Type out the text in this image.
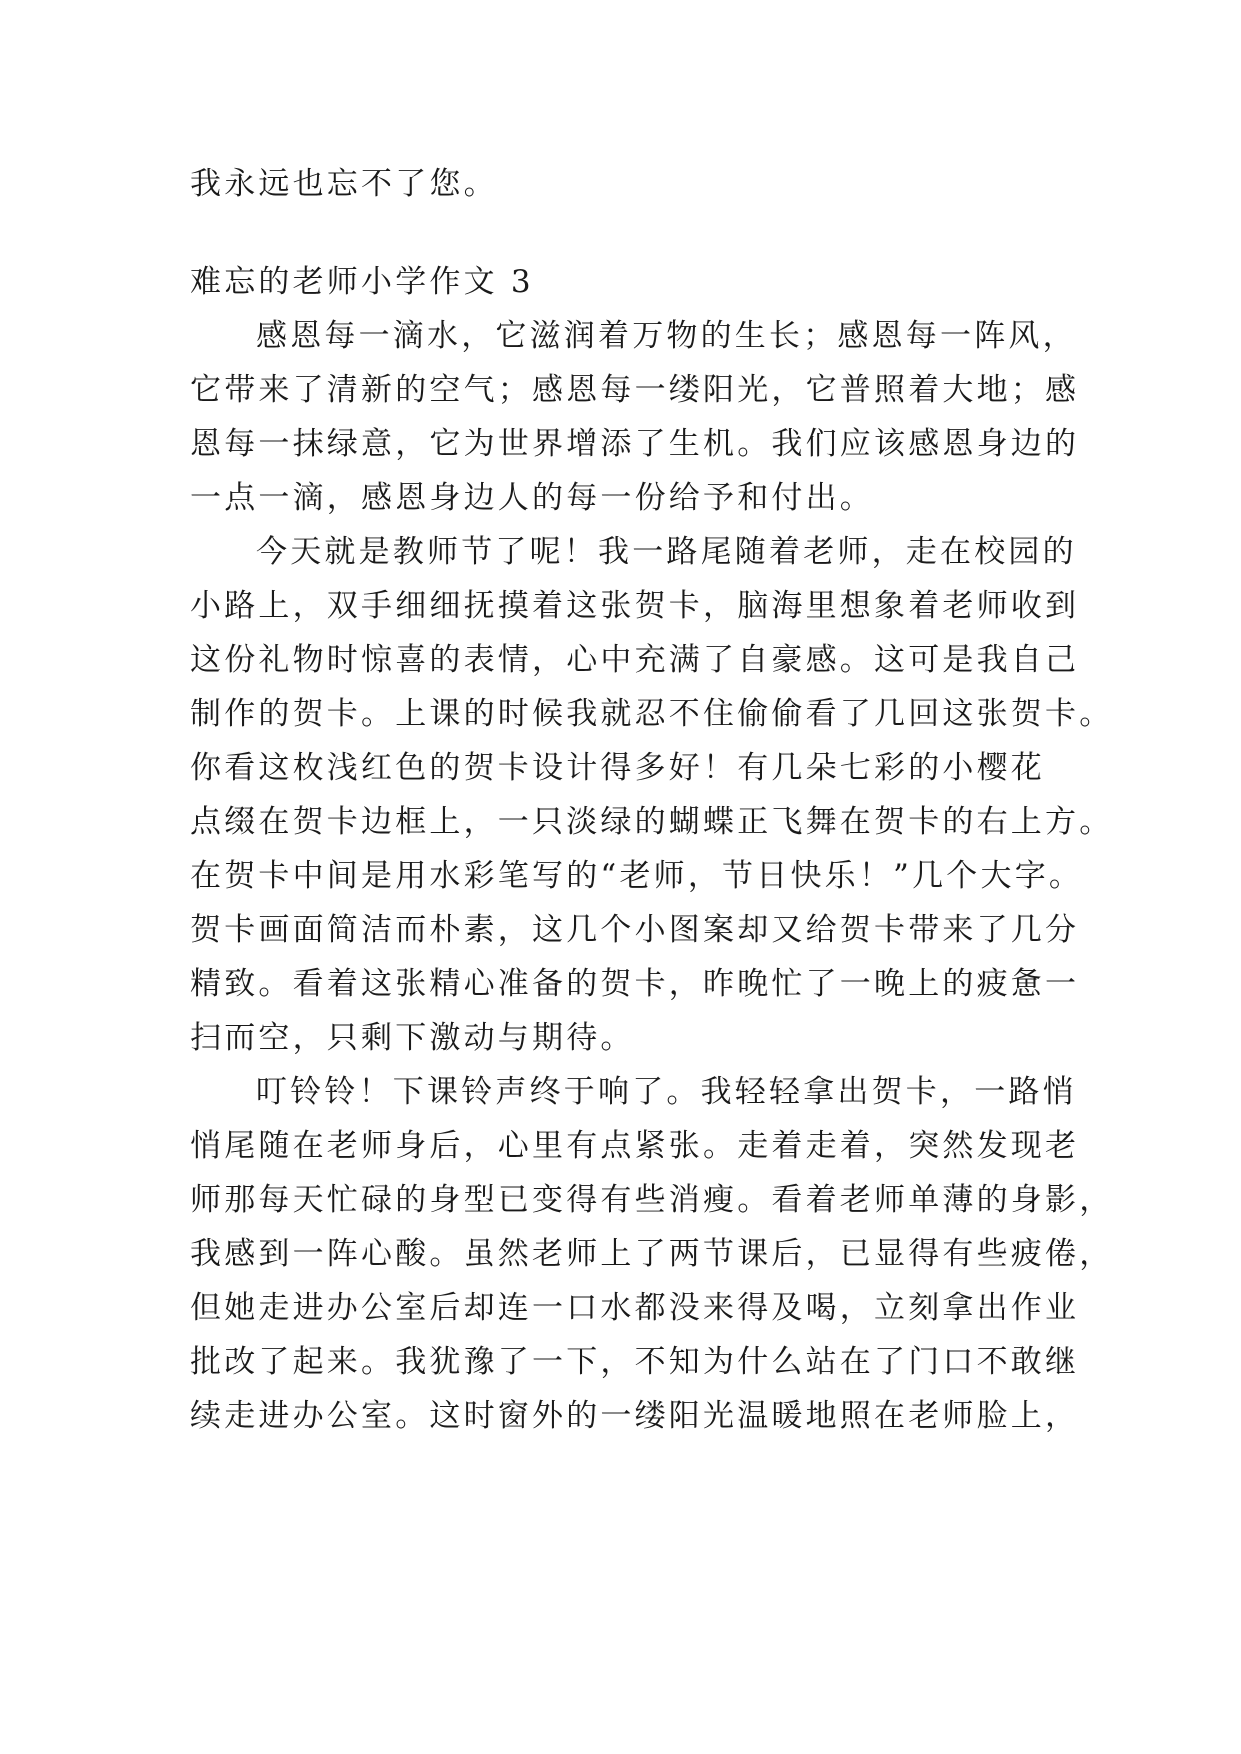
我永远也忘不了您。
难忘的老师小学作文 3
感恩每一滴水，它滋润着万物的生长；感恩每一阵风，
它带来了清新的空气；感恩每一缕阳光，它普照着大地；感
恩每一抹绿意，它为世界增添了生机。我们应该感恩身边的
一点一滴，感恩身边人的每一份给予和付出。
今天就是教师节了呢！我一路尾随着老师，走在校园的
小路上，双手细细抚摸着这张贺卡，脑海里想象着老师收到
这份礼物时惊喜的表情，心中充满了自豪感。这可是我自己
制作的贺卡。上课的时候我就忍不住偷偷看了几回这张贺卡。
你看这枚浅红色的贺卡设计得多好！有几朵七彩的小樱花
点缀在贺卡边框上，一只淡绿的蝴蝶正飞舞在贺卡的右上方。
在贺卡中间是用水彩笔写的“老师，节日快乐！”几个大字。
贺卡画面简洁而朴素，这几个小图案却又给贺卡带来了几分
精致。看着这张精心准备的贺卡，昨晚忙了一晚上的疲惫一
扫而空，只剩下激动与期待。
叮铃铃！下课铃声终于响了。我轻轻拿出贺卡，一路悄
悄尾随在老师身后，心里有点紧张。走着走着，突然发现老
师那每天忙碌的身型已变得有些消瘦。看着老师单薄的身影，
我感到一阵心酸。虽然老师上了两节课后，已显得有些疲倦，
但她走进办公室后却连一口水都没来得及喝，立刻拿出作业
批改了起来。我犹豫了一下，不知为什么站在了门口不敢继
续走进办公室。这时窗外的一缕阳光温暖地照在老师脸上，
